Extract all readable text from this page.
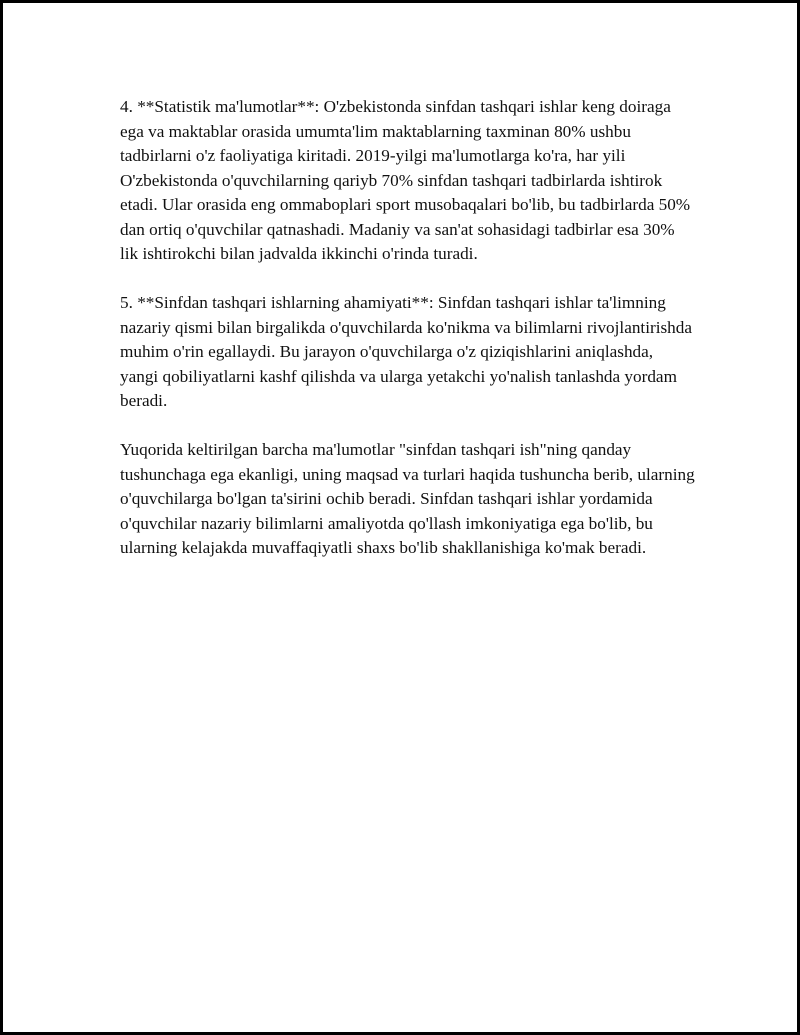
4. **Statistik ma'lumotlar**: O'zbekistonda sinfdan tashqari ishlar keng doiraga ega va maktablar orasida umumta'lim maktablarning taxminan 80% ushbu tadbirlarni o'z faoliyatiga kiritadi. 2019-yilgi ma'lumotlarga ko'ra, har yili O'zbekistonda o'quvchilarning qariyb 70% sinfdan tashqari tadbirlarda ishtirok etadi. Ular orasida eng ommaboplari sport musobaqalari bo'lib, bu tadbirlarda 50% dan ortiq o'quvchilar qatnashadi. Madaniy va san'at sohasidagi tadbirlar esa 30% lik ishtirokchi bilan jadvalda ikkinchi o'rinda turadi.

5. **Sinfdan tashqari ishlarning ahamiyati**: Sinfdan tashqari ishlar ta'limning nazariy qismi bilan birgalikda o'quvchilarda ko'nikma va bilimlarni rivojlantirishda muhim o'rin egallaydi. Bu jarayon o'quvchilarga o'z qiziqishlarini aniqlashda, yangi qobiliyatlarni kashf qilishda va ularga yetakchi yo'nalish tanlashda yordam beradi.

Yuqorida keltirilgan barcha ma'lumotlar "sinfdan tashqari ish"ning qanday tushunchaga ega ekanligi, uning maqsad va turlari haqida tushuncha berib, ularning o'quvchilarga bo'lgan ta'sirini ochib beradi. Sinfdan tashqari ishlar yordamida o'quvchilar nazariy bilimlarni amaliyotda qo'llash imkoniyatiga ega bo'lib, bu ularning kelajakda muvaffaqiyatli shaxs bo'lib shakllanishiga ko'mak beradi.
